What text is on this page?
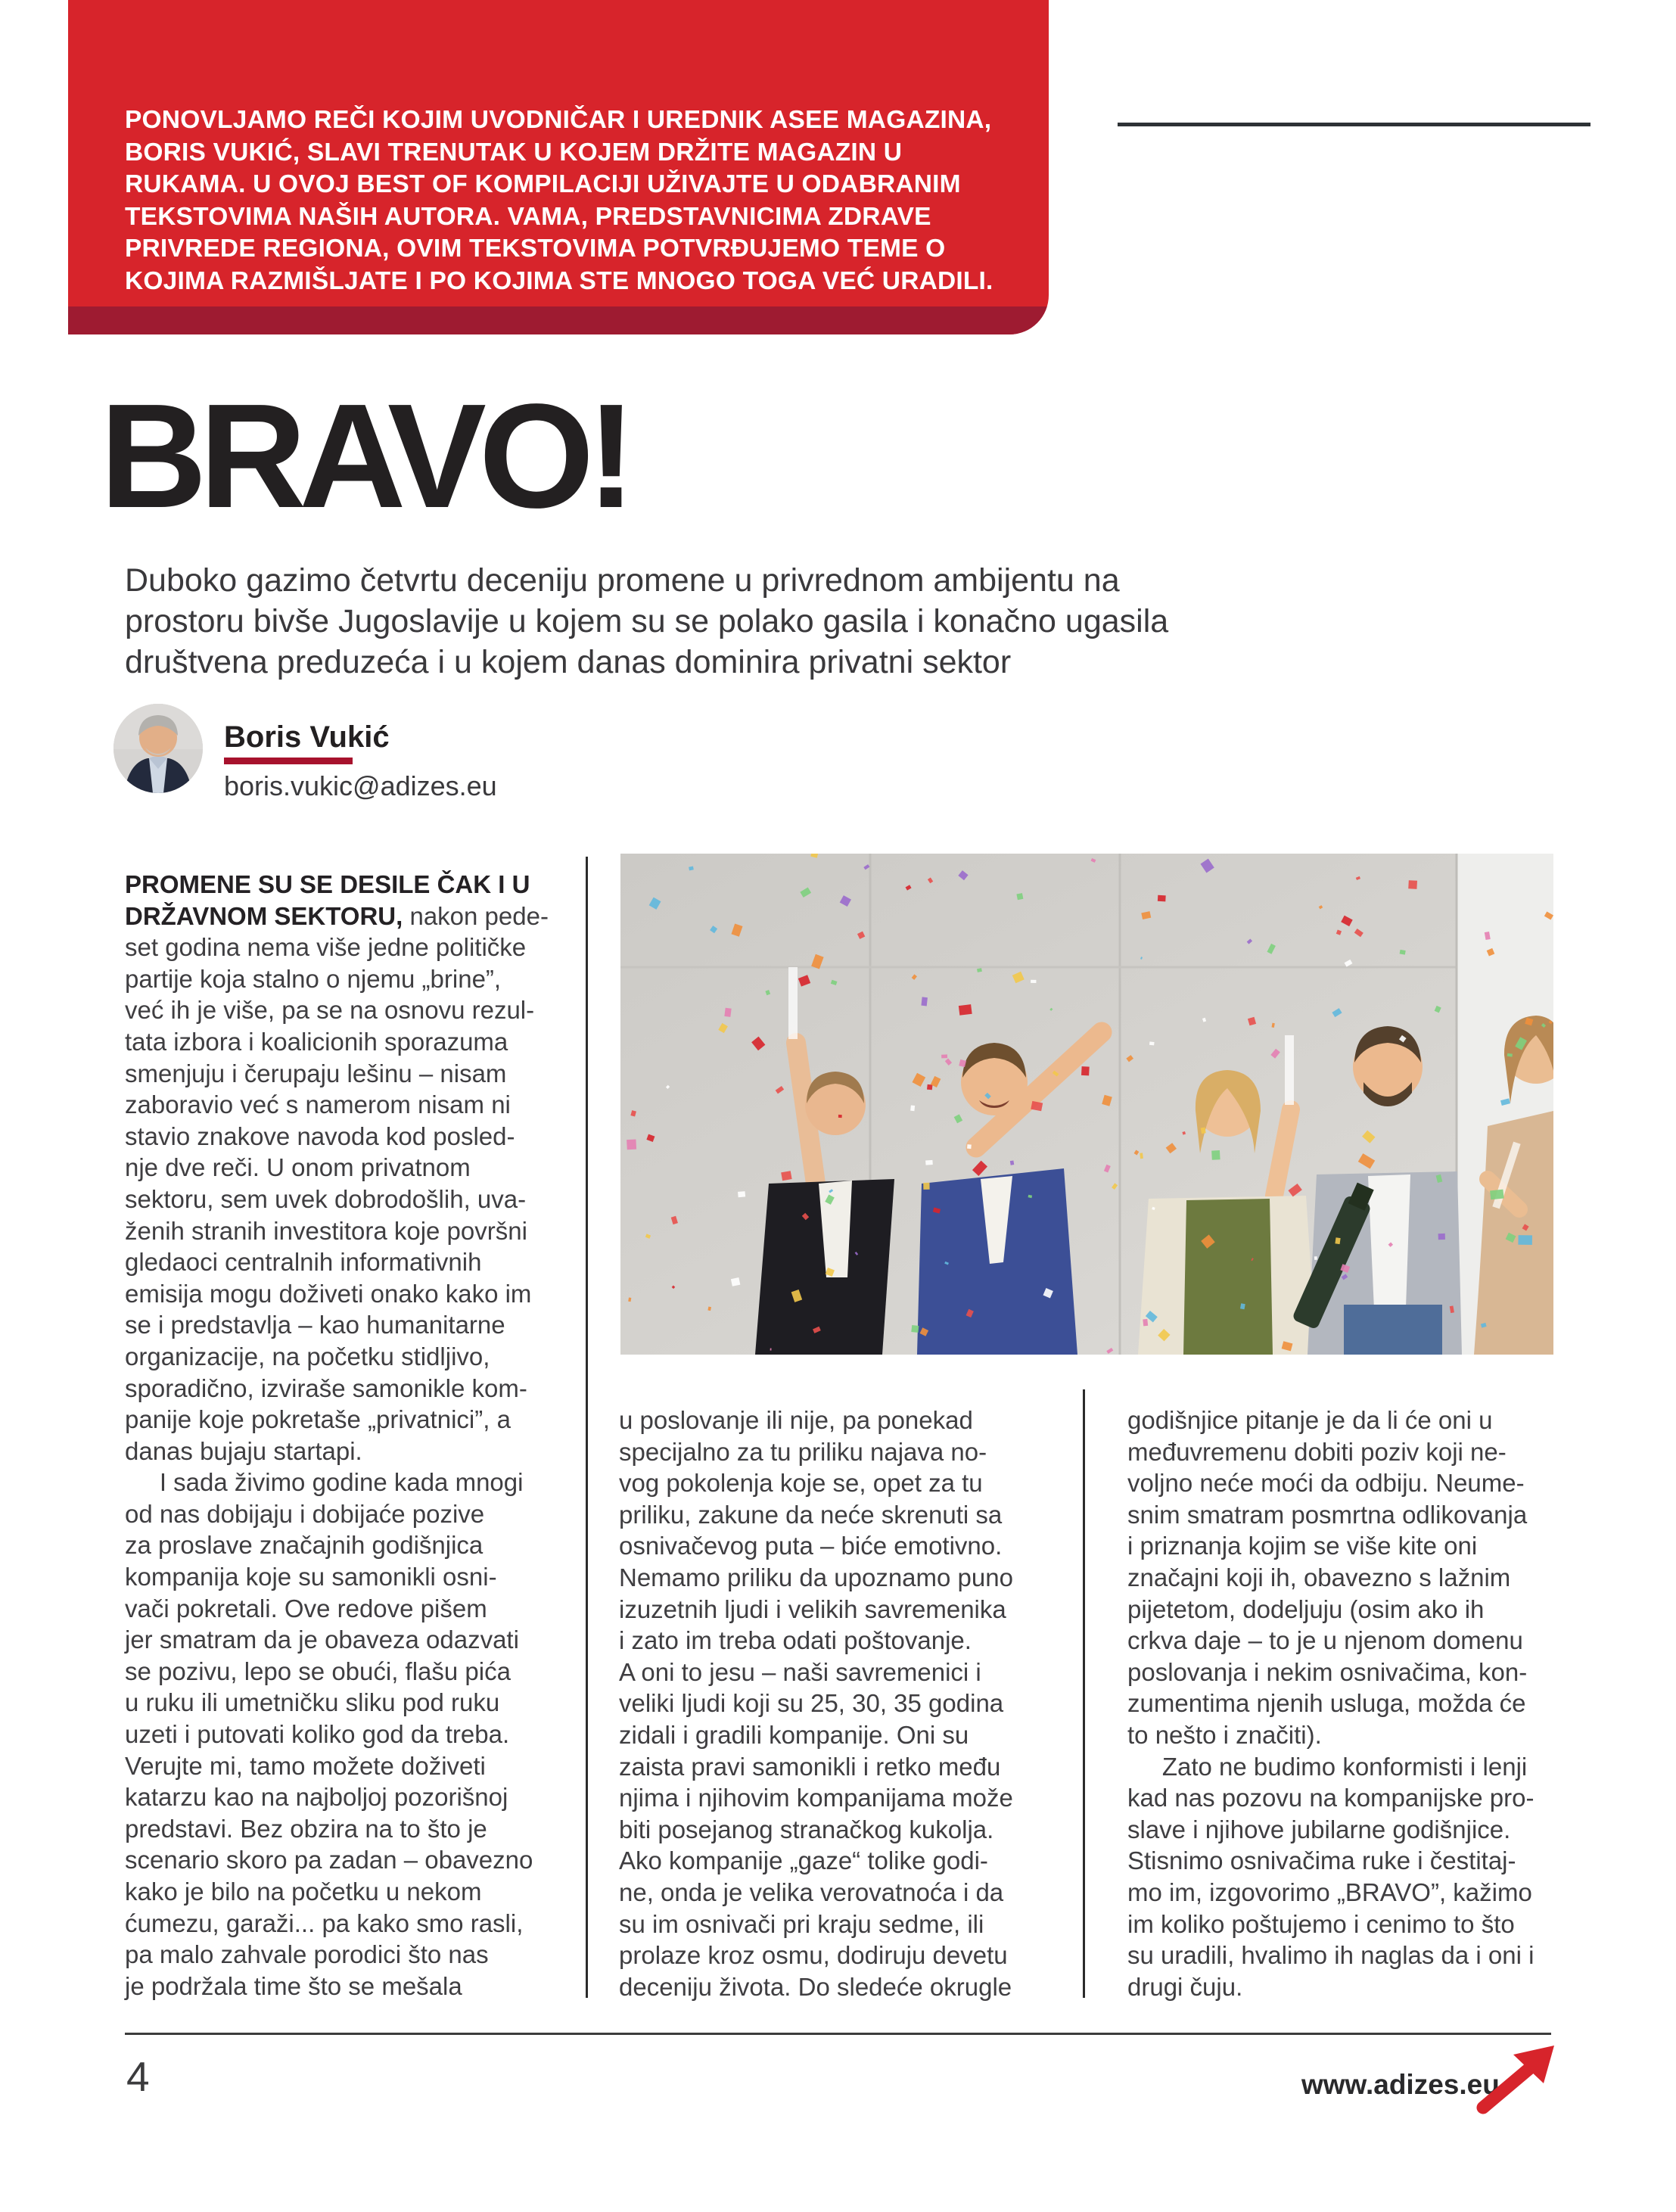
PONOVLJAMO REČI KOJIM UVODNIČAR I UREDNIK ASEE MAGAZINA,
BORIS VUKIĆ, SLAVI TRENUTAK U KOJEM DRŽITE MAGAZIN U
RUKAMA. U OVOJ BEST OF KOMPILACIJI UŽIVAJTE U ODABRANIM
TEKSTOVIMA NAŠIH AUTORA. VAMA, PREDSTAVNICIMA ZDRAVE
PRIVREDE REGIONA, OVIM TEKSTOVIMA POTVRĐUJEMO TEME O
KOJIMA RAZMIŠLJATE I PO KOJIMA STE MNOGO TOGA VEĆ URADILI.
BRAVO!
Duboko gazimo četvrtu deceniju promene u privrednom ambijentu na
prostoru bivše Jugoslavije u kojem su se polako gasila i konačno ugasila
društvena preduzeća i u kojem danas dominira privatni sektor
Boris Vukić
boris.vukic@adizes.eu
PROMENE SU SE DESILE ČAK I U
DRŽAVNOM SEKTORU, nakon pede-
set godina nema više jedne političke
partije koja stalno o njemu „brine”,
već ih je više, pa se na osnovu rezul-
tata izbora i koalicionih sporazuma
smenjuju i čerupaju lešinu – nisam
zaboravio već s namerom nisam ni
stavio znakove navoda kod posled-
nje dve reči. U onom privatnom
sektoru, sem uvek dobrodošlih, uva-
ženih stranih investitora koje površni
gledaoci centralnih informativnih
emisija mogu doživeti onako kako im
se i predstavlja – kao humanitarne
organizacije, na početku stidljivo,
sporadično, izviraše samonikle kom-
panije koje pokretaše „privatnici”, a
danas bujaju startapi.
I sada živimo godine kada mnogi
od nas dobijaju i dobijaće pozive
za proslave značajnih godišnjica
kompanija koje su samonikli osni-
vači pokretali. Ove redove pišem
jer smatram da je obaveza odazvati
se pozivu, lepo se obući, flašu pića
u ruku ili umetničku sliku pod ruku
uzeti i putovati koliko god da treba.
Verujte mi, tamo možete doživeti
katarzu kao na najboljoj pozorišnoj
predstavi. Bez obzira na to što je
scenario skoro pa zadan – obavezno
kako je bilo na početku u nekom
ćumezu, garaži... pa kako smo rasli,
pa malo zahvale porodici što nas
je podržala time što se mešala
u poslovanje ili nije, pa ponekad
specijalno za tu priliku najava no-
vog pokolenja koje se, opet za tu
priliku, zakune da neće skrenuti sa
osnivačevog puta – biće emotivno.
Nemamo priliku da upoznamo puno
izuzetnih ljudi i velikih savremenika
i zato im treba odati poštovanje.
A oni to jesu – naši savremenici i
veliki ljudi koji su 25, 30, 35 godina
zidali i gradili kompanije. Oni su
zaista pravi samonikli i retko među
njima i njihovim kompanijama može
biti posejanog stranačkog kukolja.
Ako kompanije „gaze“ tolike godi-
ne, onda je velika verovatnoća i da
su im osnivači pri kraju sedme, ili
prolaze kroz osmu, dodiruju devetu
deceniju života. Do sledeće okrugle
godišnjice pitanje je da li će oni u
međuvremenu dobiti poziv koji ne-
voljno neće moći da odbiju. Neume-
snim smatram posmrtna odlikovanja
i priznanja kojim se više kite oni
značajni koji ih, obavezno s lažnim
pijetetom, dodeljuju (osim ako ih
crkva daje – to je u njenom domenu
poslovanja i nekim osnivačima, kon-
zumentima njenih usluga, možda će
to nešto i značiti).
Zato ne budimo konformisti i lenji
kad nas pozovu na kompanijske pro-
slave i njihove jubilarne godišnjice.
Stisnimo osnivačima ruke i čestitaj-
mo im, izgovorimo „BRAVO”, kažimo
im koliko poštujemo i cenimo to što
su uradili, hvalimo ih naglas da i oni i
drugi čuju.
4	www.adizes.eu
